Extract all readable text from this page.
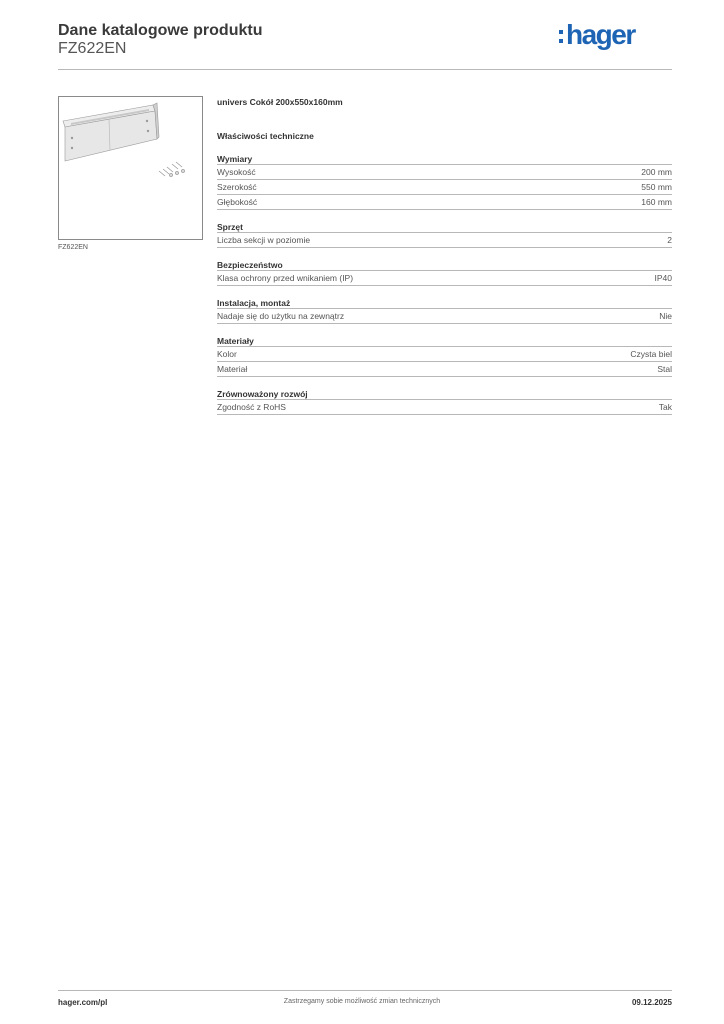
Dane katalogowe produktu
FZ622EN	hager
FZ622EN
univers Cokół 200x550x160mm
Właściwości techniczne
Wymiary
Wysokość	200 mm
Szerokość	550 mm
Głębokość	160 mm
Sprzęt
Liczba sekcji w poziomie	2
Bezpieczeństwo
Klasa ochrony przed wnikaniem (IP)	IP40
Instalacja, montaż
Nadaje się do użytku na zewnątrz	Nie
Materiały
Kolor	Czysta biel
Materiał	Stal
Zrównoważony rozwój
Zgodność z RoHS	Tak
hager.com/pl	Zastrzegamy sobie możliwość zmian technicznych	09.12.2025
